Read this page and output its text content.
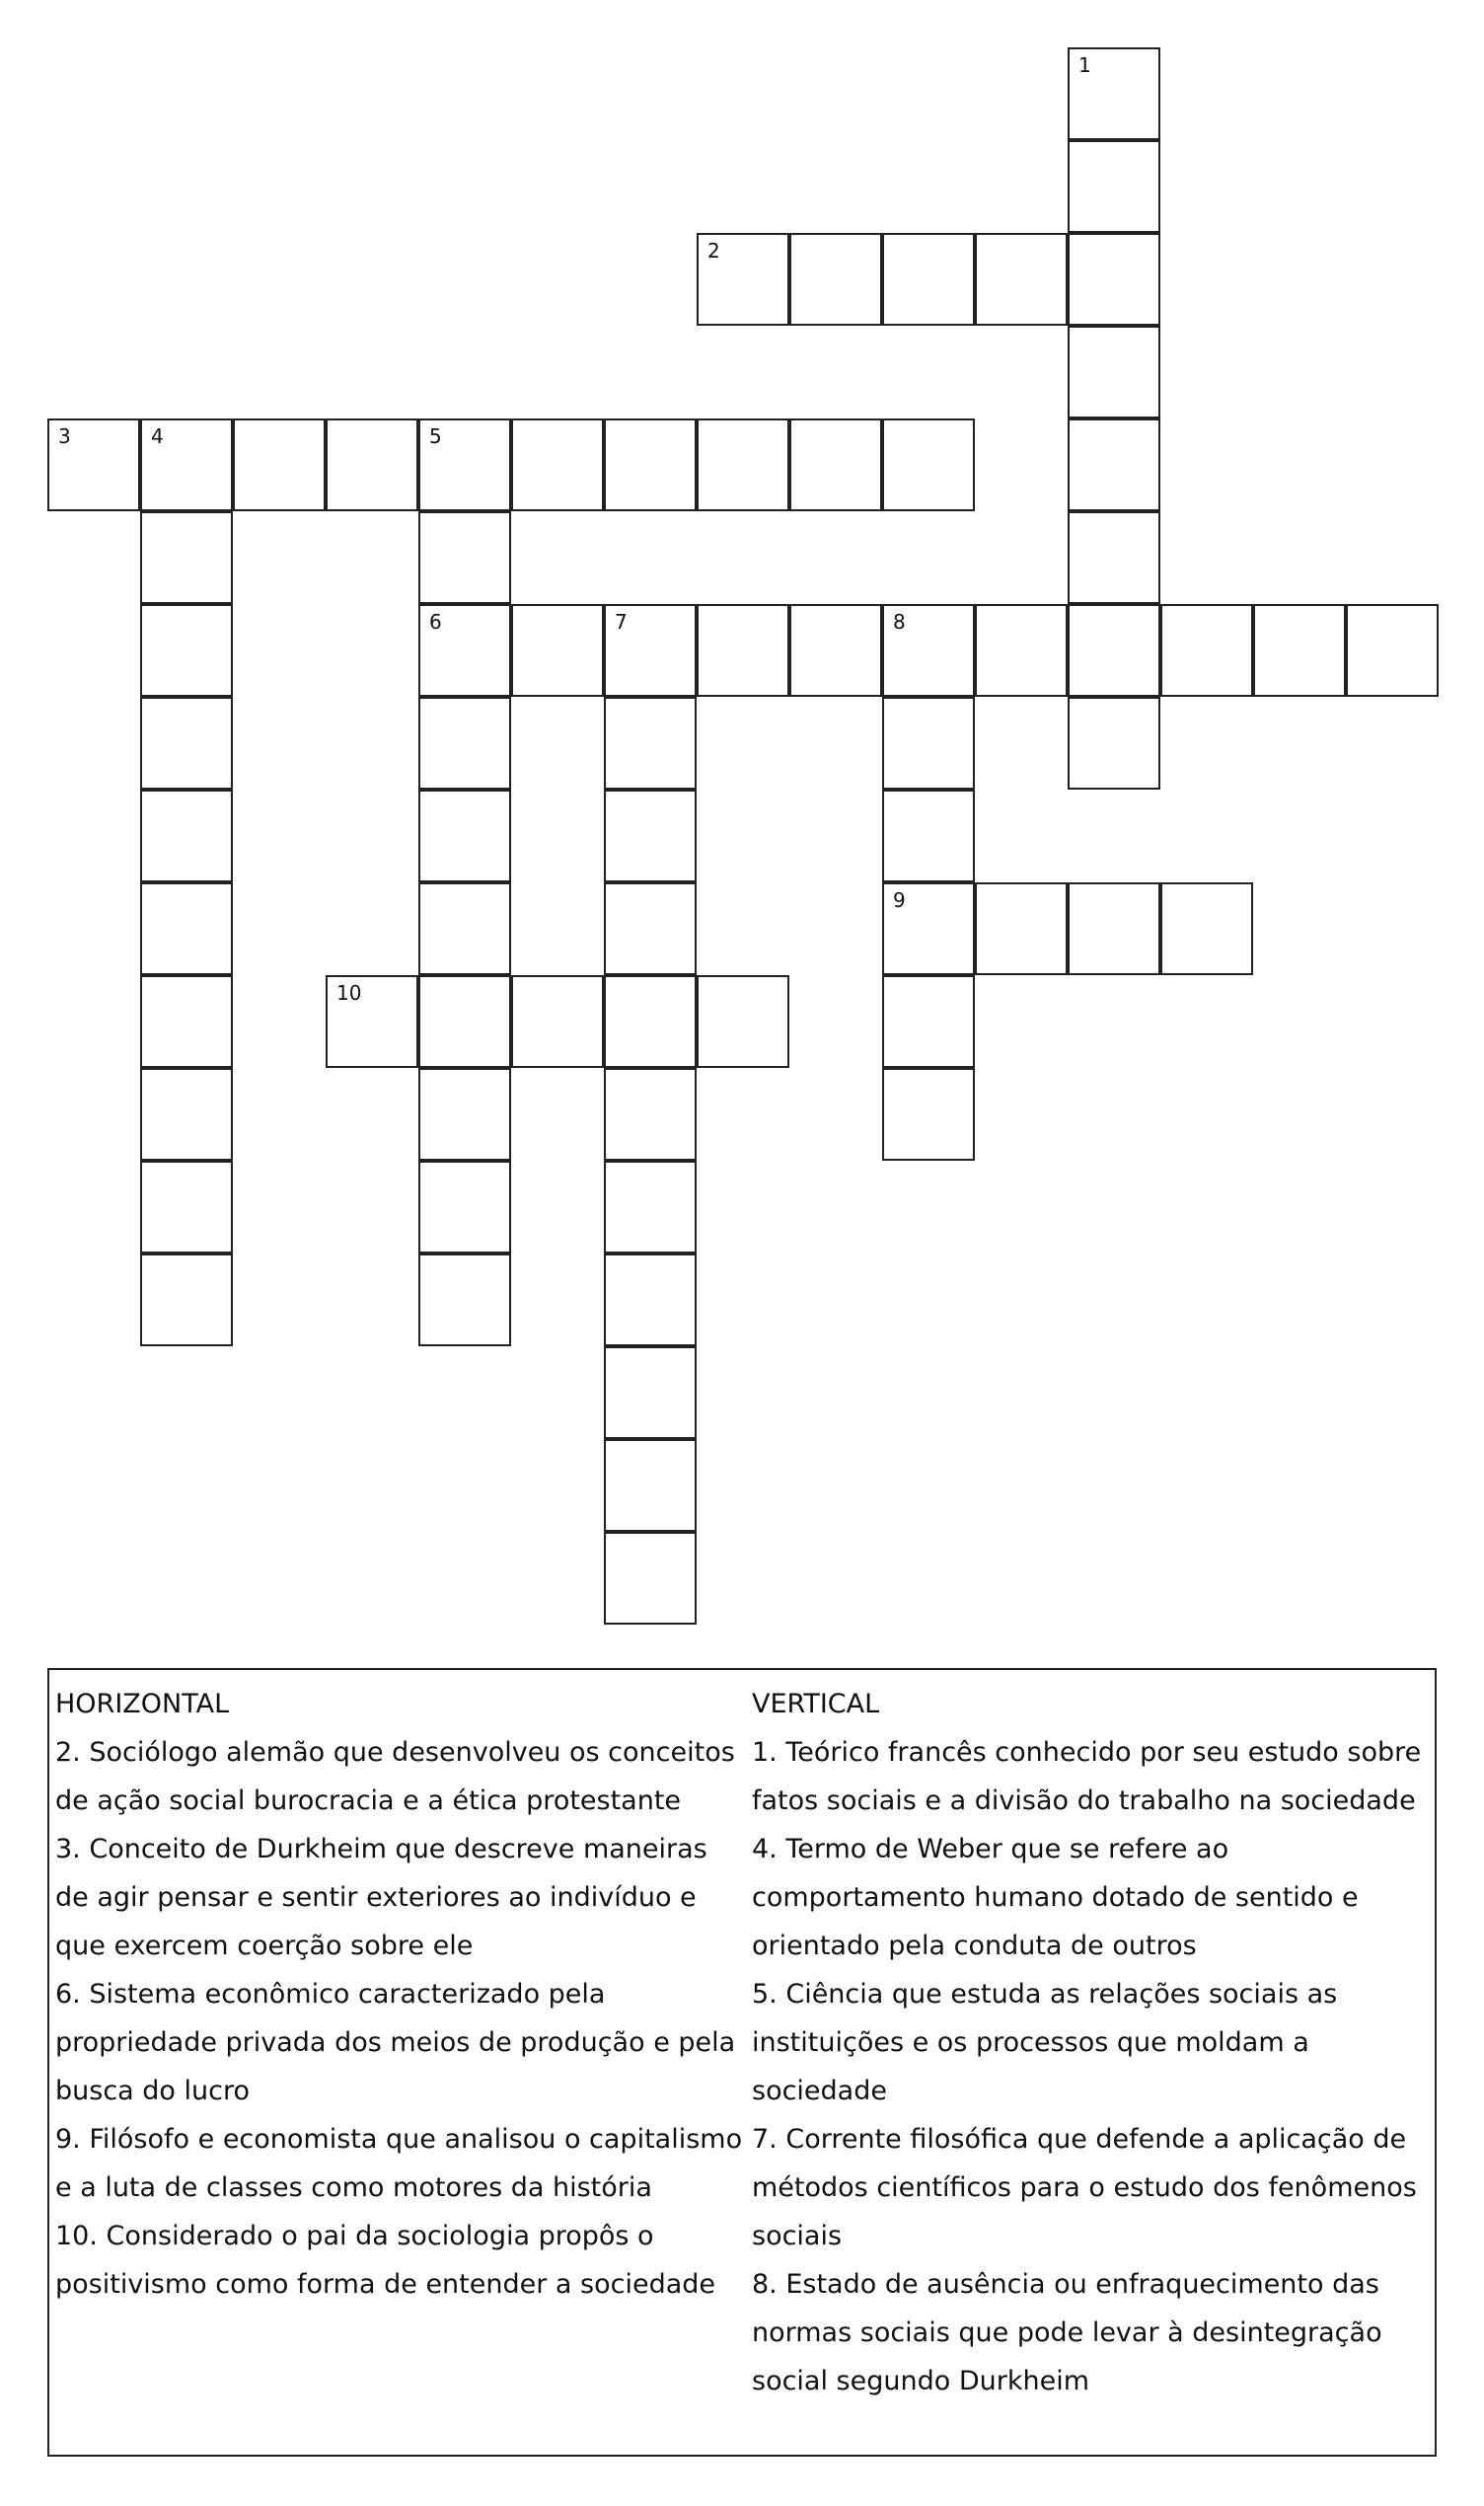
1
2
3	4	5
6	7	8
9
10
HORIZONTAL
2. Sociólogo alemão que desenvolveu os conceitos de ação social burocracia e a ética protestante
3. Conceito de Durkheim que descreve maneiras de agir pensar e sentir exteriores ao indivíduo e que exercem coerção sobre ele
6. Sistema econômico caracterizado pela propriedade privada dos meios de produção e pela busca do lucro
9. Filósofo e economista que analisou o capitalismo e a luta de classes como motores da história
10. Considerado o pai da sociologia propôs o positivismo como forma de entender a sociedade
VERTICAL
1. Teórico francês conhecido por seu estudo sobre fatos sociais e a divisão do trabalho na sociedade
4. Termo de Weber que se refere ao comportamento humano dotado de sentido e orientado pela conduta de outros
5. Ciência que estuda as relações sociais as instituições e os processos que moldam a sociedade
7. Corrente filosófica que defende a aplicação de métodos científicos para o estudo dos fenômenos sociais
8. Estado de ausência ou enfraquecimento das normas sociais que pode levar à desintegração social segundo Durkheim
